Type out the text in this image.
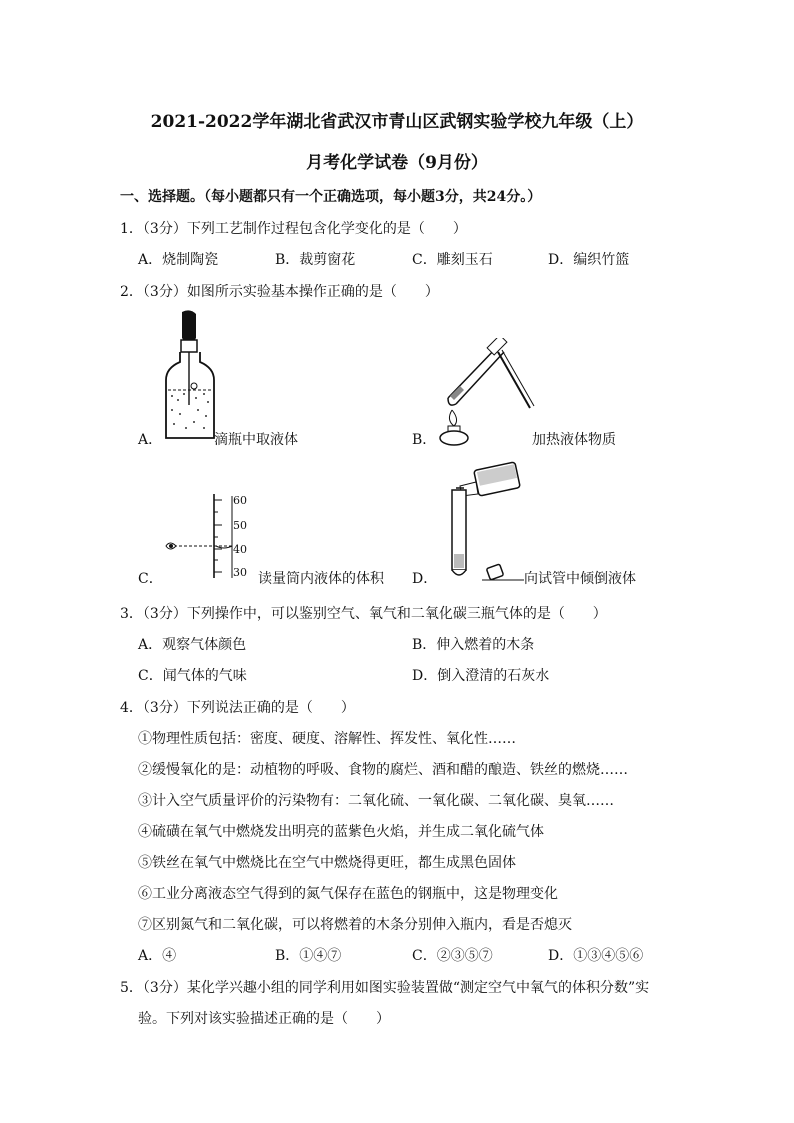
2021-2022学年湖北省武汉市青山区武钢实验学校九年级（上）
月考化学试卷（9月份）
一、选择题。（每小题都只有一个正确选项，每小题3分，共24分。）
1．（3分）下列工艺制作过程包含化学变化的是（　　）
A．烧制陶瓷	B．裁剪窗花	C．雕刻玉石	D．编织竹篮
2．（3分）如图所示实验基本操作正确的是（　　）
A．	滴瓶中取液体	B．	加热液体物质
60
50
40
30
C．	读量筒内液体的体积 D．	向试管中倾倒液体
3．（3分）下列操作中，可以鉴别空气、氧气和二氧化碳三瓶气体的是（　　）
A．观察气体颜色	B．伸入燃着的木条
C．闻气体的气味	D．倒入澄清的石灰水
4．（3分）下列说法正确的是（　　）
①物理性质包括：密度、硬度、溶解性、挥发性、氧化性……
②缓慢氧化的是：动植物的呼吸、食物的腐烂、酒和醋的酿造、铁丝的燃烧……
③计入空气质量评价的污染物有：二氧化硫、一氧化碳、二氧化碳、臭氧……
④硫磺在氧气中燃烧发出明亮的蓝紫色火焰，并生成二氧化硫气体
⑤铁丝在氧气中燃烧比在空气中燃烧得更旺，都生成黑色固体
⑥工业分离液态空气得到的氮气保存在蓝色的钢瓶中，这是物理变化
⑦区别氮气和二氧化碳，可以将燃着的木条分别伸入瓶内，看是否熄灭
A．④	B．①④⑦	C．②③⑤⑦	D．①③④⑤⑥
5．（3分）某化学兴趣小组的同学利用如图实验装置做“测定空气中氧气的体积分数”实
验。下列对该实验描述正确的是（　　）
